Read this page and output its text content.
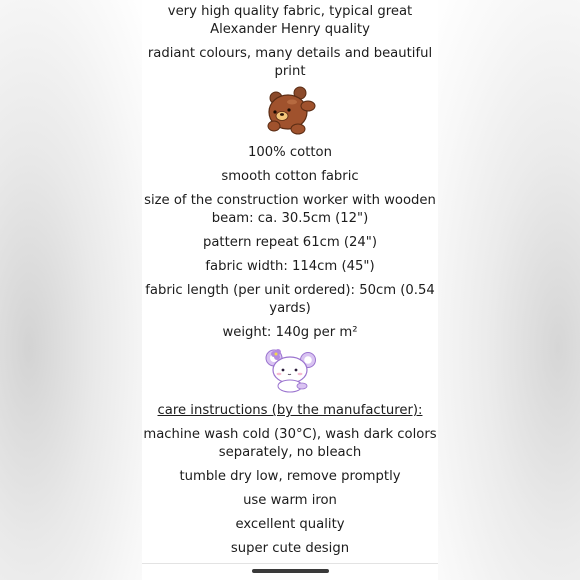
very high quality fabric, typical great Alexander Henry quality

radiant colours, many details and beautiful print

100% cotton

smooth cotton fabric

size of the construction worker with wooden beam: ca. 30.5cm (12")

pattern repeat 61cm (24")

fabric width: 114cm (45")

fabric length (per unit ordered): 50cm (0.54 yards)

weight: 140g per m²

care instructions (by the manufacturer):

machine wash cold (30°C), wash dark colors separately, no bleach

tumble dry low, remove promptly

use warm iron

excellent quality

super cute design
